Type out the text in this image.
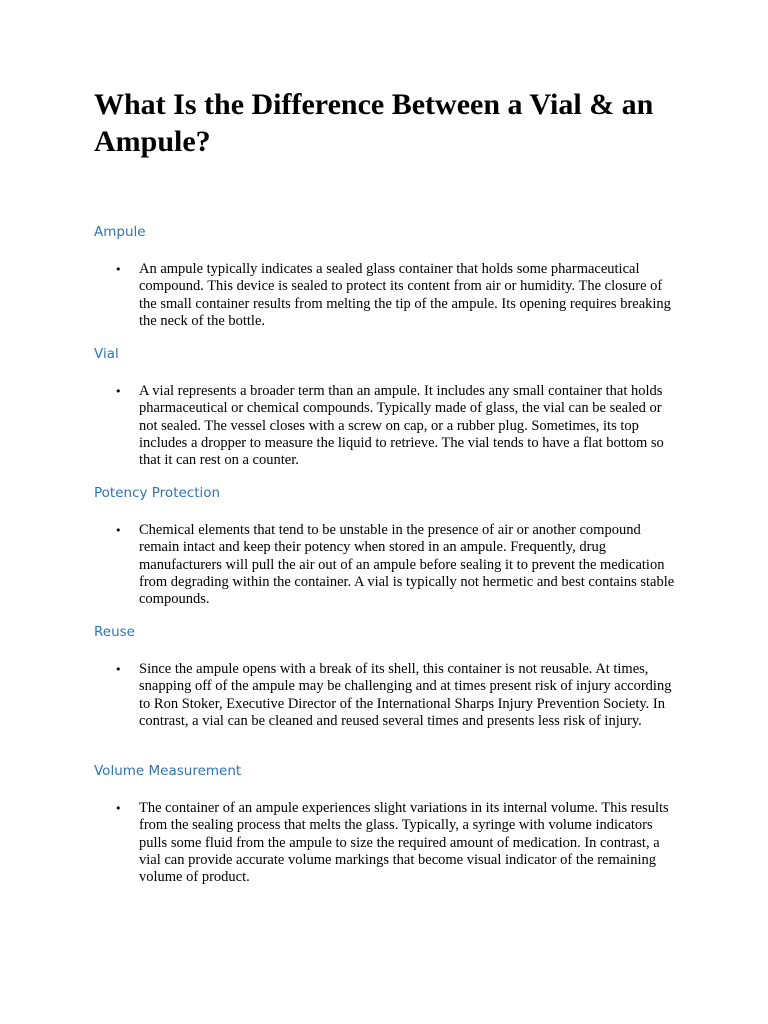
What Is the Difference Between a Vial & an Ampule?
Ampule
• An ampule typically indicates a sealed glass container that holds some pharmaceutical compound. This device is sealed to protect its content from air or humidity. The closure of the small container results from melting the tip of the ampule. Its opening requires breaking the neck of the bottle.

Vial
• A vial represents a broader term than an ampule. It includes any small container that holds pharmaceutical or chemical compounds. Typically made of glass, the vial can be sealed or not sealed. The vessel closes with a screw on cap, or a rubber plug. Sometimes, its top includes a dropper to measure the liquid to retrieve. The vial tends to have a flat bottom so that it can rest on a counter.

Potency Protection
• Chemical elements that tend to be unstable in the presence of air or another compound remain intact and keep their potency when stored in an ampule. Frequently, drug manufacturers will pull the air out of an ampule before sealing it to prevent the medication from degrading within the container. A vial is typically not hermetic and best contains stable compounds.

Reuse
• Since the ampule opens with a break of its shell, this container is not reusable. At times, snapping off of the ampule may be challenging and at times present risk of injury according to Ron Stoker, Executive Director of the International Sharps Injury Prevention Society. In contrast, a vial can be cleaned and reused several times and presents less risk of injury.

Volume Measurement
• The container of an ampule experiences slight variations in its internal volume. This results from the sealing process that melts the glass. Typically, a syringe with volume indicators pulls some fluid from the ampule to size the required amount of medication. In contrast, a vial can provide accurate volume markings that become visual indicator of the remaining volume of product.
